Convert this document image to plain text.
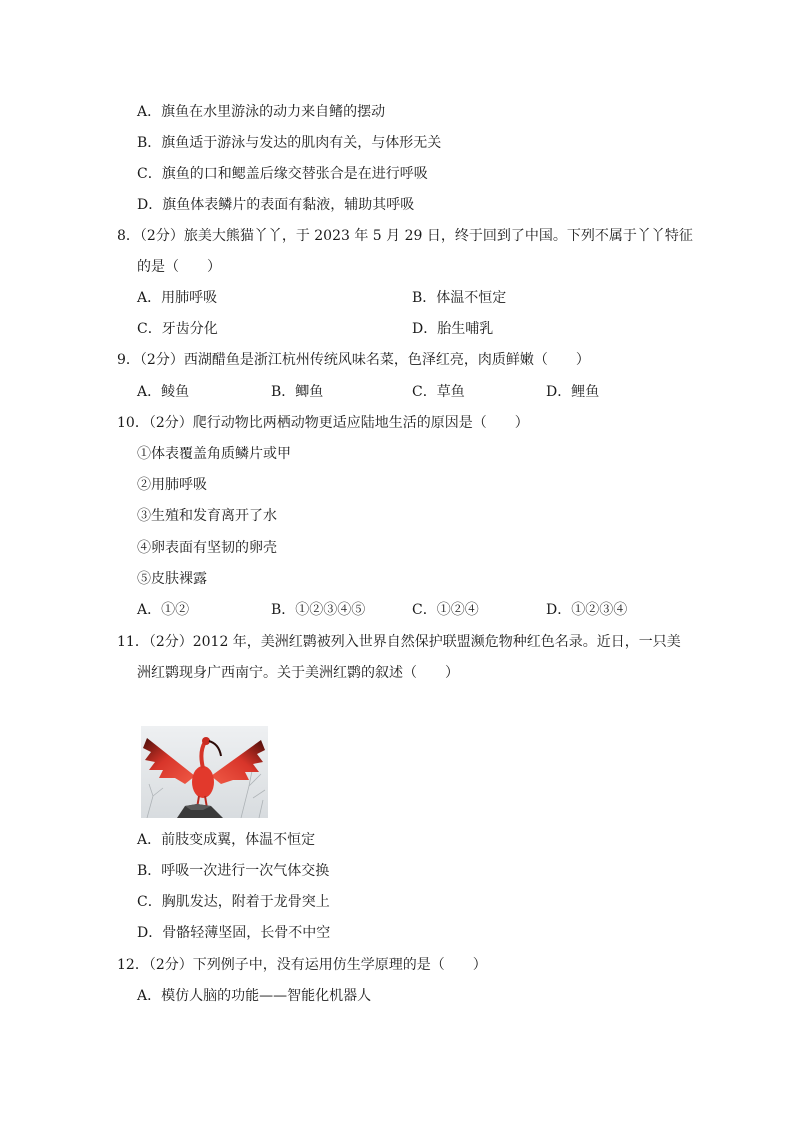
A．旗鱼在水里游泳的动力来自鳍的摆动
B．旗鱼适于游泳与发达的肌肉有关，与体形无关
C．旗鱼的口和鳃盖后缘交替张合是在进行呼吸
D．旗鱼体表鳞片的表面有黏液，辅助其呼吸
8．（2分）旅美大熊猫丫丫，于 2023 年 5 月 29 日，终于回到了中国。下列不属于丫丫特征
的是（　　）
A．用肺呼吸	B．体温不恒定
C．牙齿分化	D．胎生哺乳
9．（2分）西湖醋鱼是浙江杭州传统风味名菜，色泽红亮，肉质鲜嫩（　　）
A．鲮鱼	B．鲫鱼	C．草鱼	D．鲤鱼
10．（2分）爬行动物比两栖动物更适应陆地生活的原因是（　　）
①体表覆盖角质鳞片或甲
②用肺呼吸
③生殖和发育离开了水
④卵表面有坚韧的卵壳
⑤皮肤裸露
A．①②	B．①②③④⑤	C．①②④	D．①②③④
11．（2分）2012 年，美洲红鹮被列入世界自然保护联盟濒危物种红色名录。近日，一只美
洲红鹮现身广西南宁。关于美洲红鹮的叙述（　　）
A．前肢变成翼，体温不恒定
B．呼吸一次进行一次气体交换
C．胸肌发达，附着于龙骨突上
D．骨骼轻薄坚固，长骨不中空
12．（2分）下列例子中，没有运用仿生学原理的是（　　）
A．模仿人脑的功能——智能化机器人
